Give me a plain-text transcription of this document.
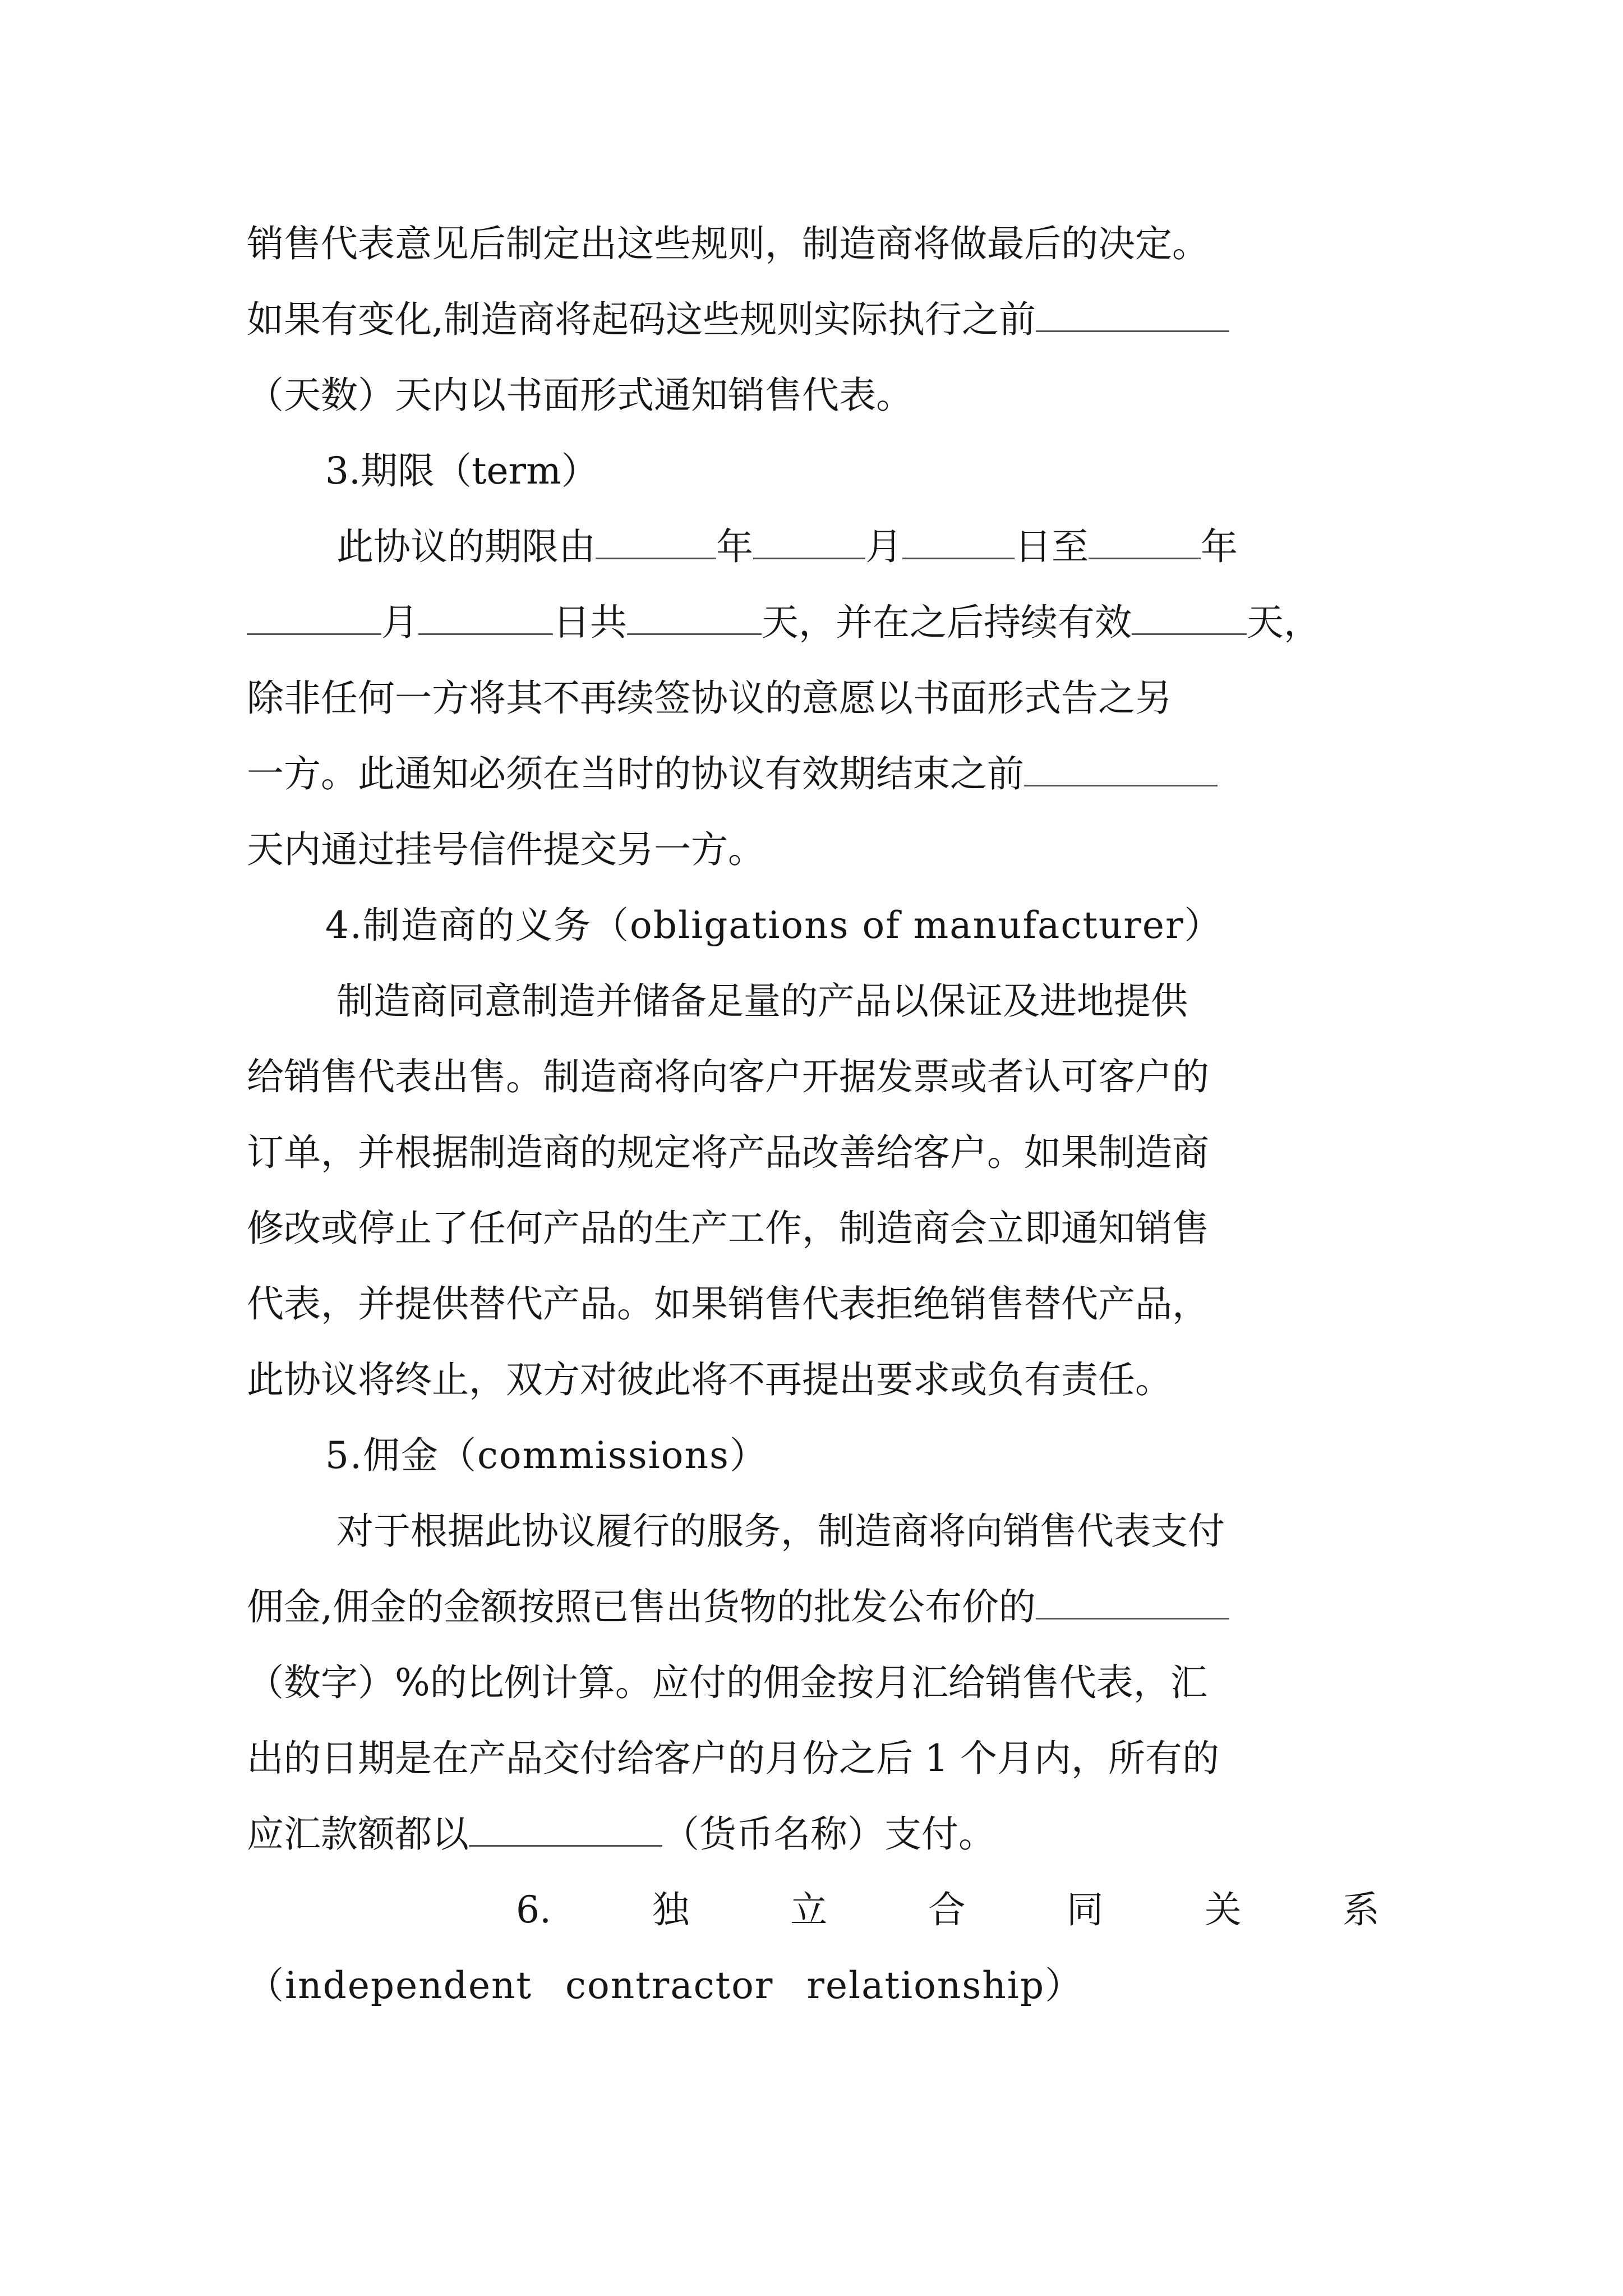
销售代表意见后制定出这些规则，制造商将做最后的决定。
如果有变化,制造商将起码这些规则实际执行之前
（天数）天内以书面形式通知销售代表。
3.期限（term）
此协议的期限由	年	月	日至	年
月	日共	天，并在之后持续有效	天，
除非任何一方将其不再续签协议的意愿以书面形式告之另
一方。此通知必须在当时的协议有效期结束之前
天内通过挂号信件提交另一方。
4.制造商的义务（obligations of manufacturer）
制造商同意制造并储备足量的产品以保证及进地提供
给销售代表出售。制造商将向客户开据发票或者认可客户的
订单，并根据制造商的规定将产品改善给客户。如果制造商
修改或停止了任何产品的生产工作，制造商会立即通知销售
代表，并提供替代产品。如果销售代表拒绝销售替代产品，
此协议将终止，双方对彼此将不再提出要求或负有责任。
5.佣金（commissions）
对于根据此协议履行的服务，制造商将向销售代表支付
佣金,佣金的金额按照已售出货物的批发公布价的
（数字）%的比例计算。应付的佣金按月汇给销售代表，汇
出的日期是在产品交付给客户的月份之后 1 个月内，所有的
应汇款额都以	（货币名称）支付。
6.	独	立	合	同	关	系
（independent contractor relationship）
